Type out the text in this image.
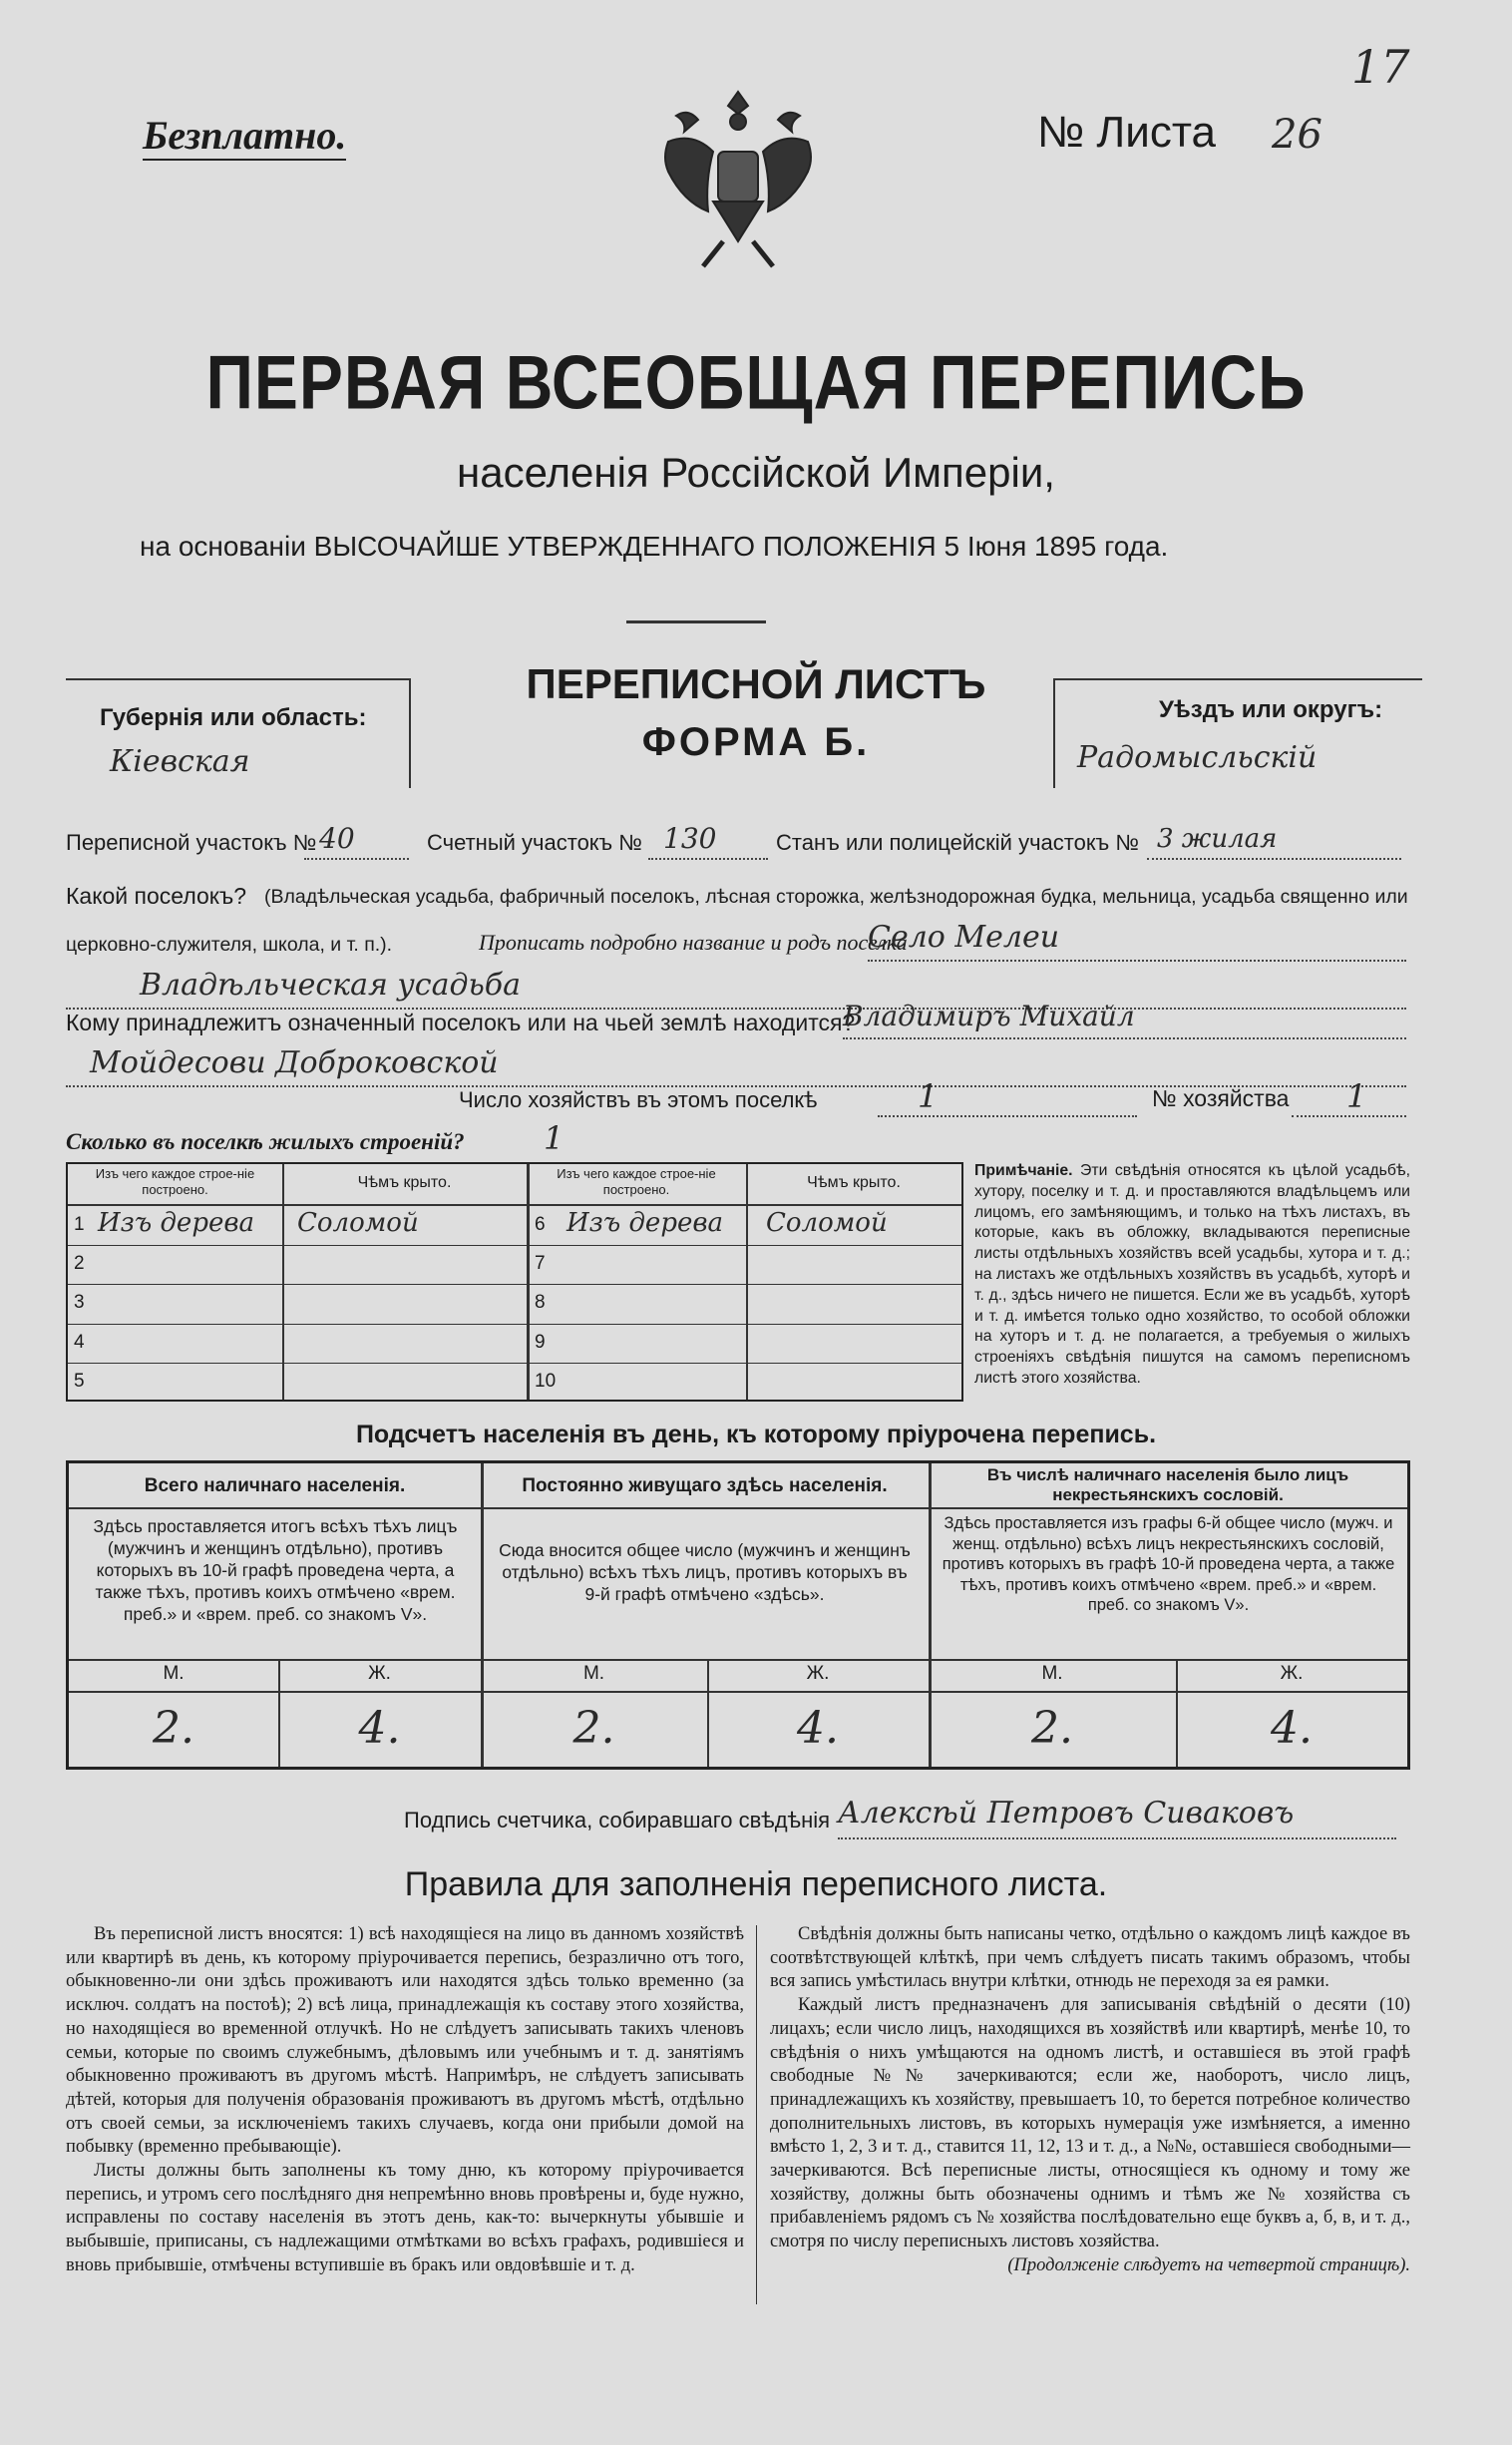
17
Безплатно.	№ Листа 26
ПЕРВАЯ ВСЕОБЩАЯ ПЕРЕПИСЬ
населенія Россійской Имперіи,
на основаніи ВЫСОЧАЙШЕ УТВЕРЖДЕННАГО ПОЛОЖЕНІЯ 5 Іюня 1895 года.
ПЕРЕПИСНОЙ ЛИСТЪ
ФОРМА Б.
Губернія или область:
Кіевская
Уѣздъ или округъ:
Радомысльскій
Переписной участокъ № 40	Счетный участокъ № 130	Станъ или полицейскій участокъ № 3 жилая
Какой поселокъ? (Владѣльческая усадьба, фабричный поселокъ, лѣсная сторожка, желѣзнодорожная будка, мельница, усадьба священно или
церковно-служителя, школа, и т. п.).	Прописать подробно название и родъ поселка
Село Мелеи
Владѣльческая усадьба
Кому принадлежитъ означенный поселокъ или на чьей землѣ находится?
Владимиръ Михайл
Мойдесови Доброковской
Число хозяйствъ въ этомъ поселкѣ	1	№ хозяйства 1
Сколько въ поселкѣ жилыхъ строеній? 1
Изъ чего каждое строе-ніе построено.	Чѣмъ крыто.
Изъ чего каждое строе-ніе построено.	Чѣмъ крыто.
1 Изъ дерева	Соломой	6 Изъ дерева	Соломой
2	7
3	8
4	9
5	10
Примѣчаніе. Эти свѣдѣнія относятся къ цѣлой усадьбѣ, хутору, поселку и т. д. и проставляются владѣльцемъ или лицомъ, его замѣняющимъ, и только на тѣхъ листахъ, въ которые, какъ въ обложку, вкладываются переписные листы отдѣльныхъ хозяйствъ всей усадьбы, хутора и т. д.; на листахъ же отдѣльныхъ хозяйствъ въ усадьбѣ, хуторѣ и т. д., здѣсь ничего не пишется. Если же въ усадьбѣ, хуторѣ и т. д. имѣется только одно хозяйство, то особой обложки на хуторъ и т. д. не полагается, а требуемыя о жилыхъ строеніяхъ свѣдѣнія пишутся на самомъ переписномъ листѣ этого хозяйства.
Подсчетъ населенія въ день, къ которому пріурочена перепись.
Всего наличнаго населенія.
Здѣсь проставляется итогъ всѣхъ тѣхъ лицъ (мужчинъ и женщинъ отдѣльно), противъ которыхъ въ 10-й графѣ проведена черта, а также тѣхъ, противъ коихъ отмѣчено «врем. преб.» и «врем. преб. со знакомъ V».
М.	Ж.
2.	4.
Постоянно живущаго здѣсь населенія.
Сюда вносится общее число (мужчинъ и женщинъ отдѣльно) всѣхъ тѣхъ лицъ, противъ которыхъ въ 9-й графѣ отмѣчено «здѣсь».
М.	Ж.
2.	4.
Въ числѣ наличнаго населенія было лицъ некрестьянскихъ сословій.
Здѣсь проставляется изъ графы 6-й общее число (мужч. и женщ. отдѣльно) всѣхъ лицъ некрестьянскихъ сословій, противъ которыхъ въ графѣ 10-й проведена черта, а также тѣхъ, противъ коихъ отмѣчено «врем. преб.» и «врем. преб. со знакомъ V».
М.	Ж.
2.	4.
Подпись счетчика, собиравшаго свѣдѣнія Алексѣй Петровъ Сиваковъ
Правила для заполненія переписного листа.

Въ переписной листъ вносятся: 1) всѣ находящіеся на лицо въ данномъ хозяйствѣ или квартирѣ въ день, къ которому пріурочивается перепись, безразлично отъ того, обыкновенно-ли они здѣсь проживаютъ или находятся здѣсь только временно (за исключ. солдатъ на постоѣ); 2) всѣ лица, принадлежащія къ составу этого хозяйства, но находящіеся во временной отлучкѣ. Но не слѣдуетъ записывать такихъ членовъ семьи, которые по своимъ служебнымъ, дѣловымъ или учебнымъ и т. д. занятіямъ обыкновенно проживаютъ въ другомъ мѣстѣ. Напримѣръ, не слѣдуетъ записывать дѣтей, которыя для полученія образованія проживаютъ въ другомъ мѣстѣ, отдѣльно отъ своей семьи, за исключеніемъ такихъ случаевъ, когда они прибыли домой на побывку (временно пребывающіе).

Листы должны быть заполнены къ тому дню, къ которому пріурочивается перепись, и утромъ сего послѣдняго дня непремѣнно вновь провѣрены и, буде нужно, исправлены по составу населенія въ этотъ день, как-то: вычеркнуты убывшіе и выбывшіе, приписаны, съ надлежащими отмѣтками во всѣхъ графахъ, родившіеся и вновь прибывшіе, отмѣчены вступившіе въ бракъ или овдовѣвшіе и т. д.

Свѣдѣнія должны быть написаны четко, отдѣльно о каждомъ лицѣ каждое въ соотвѣтствующей клѣткѣ, при чемъ слѣдуетъ писать такимъ образомъ, чтобы вся запись умѣстилась внутри клѣтки, отнюдь не переходя за ея рамки.

Каждый листъ предназначенъ для записыванія свѣдѣній о десяти (10) лицахъ; если число лицъ, находящихся въ хозяйствѣ или квартирѣ, менѣе 10, то свѣдѣнія о нихъ умѣщаются на одномъ листѣ, и оставшіеся въ этой графѣ свободные №№ зачеркиваются; если же, наоборотъ, число лицъ, принадлежащихъ къ хозяйству, превышаетъ 10, то берется потребное количество дополнительныхъ листовъ, въ которыхъ нумерація уже измѣняется, а именно вмѣсто 1, 2, 3 и т. д., ставится 11, 12, 13 и т. д., а №№, оставшіеся свободными—зачеркиваются. Всѣ переписные листы, относящіеся къ одному и тому же хозяйству, должны быть обозначены однимъ и тѣмъ же № хозяйства съ прибавленіемъ рядомъ съ № хозяйства послѣдовательно еще буквъ а, б, в, и т. д., смотря по числу переписныхъ листовъ хозяйства.

(Продолженіе слѣдуетъ на четвертой страницѣ).
